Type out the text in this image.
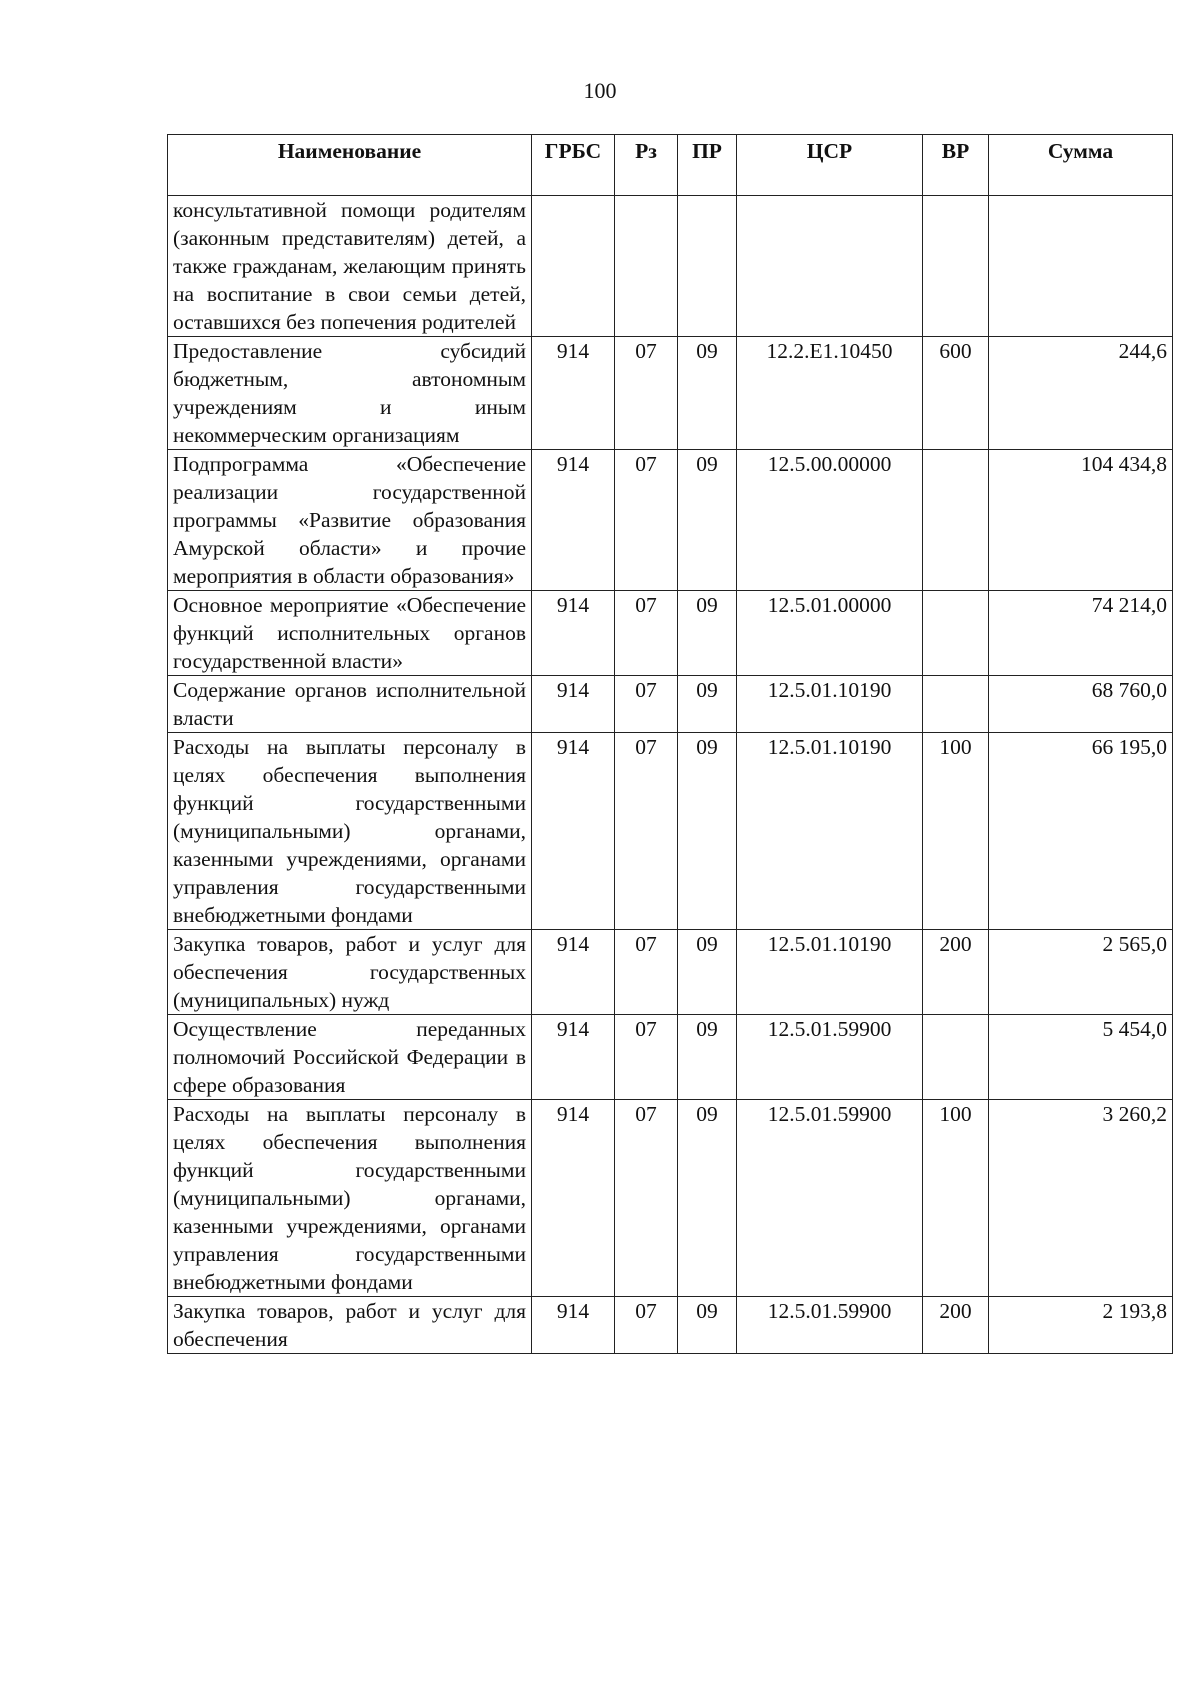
100
Наименование	ГРБС	Рз	ПР	ЦСР	ВР	Сумма
консультативной помощи родителям (законным представителям) детей, а также гражданам, желающим принять на воспитание в свои семьи детей, оставшихся без попечения родителей						
Предоставление субсидий бюджетным, автономным учреждениям и иным некоммерческим организациям	914	07	09	12.2.Е1.10450	600	244,6
Подпрограмма «Обеспечение реализации государственной программы «Развитие образования Амурской области» и прочие мероприятия в области образования»	914	07	09	12.5.00.00000		104 434,8
Основное мероприятие «Обеспечение функций исполнительных органов государственной власти»	914	07	09	12.5.01.00000		74 214,0
Содержание органов исполнительной власти	914	07	09	12.5.01.10190		68 760,0
Расходы на выплаты персоналу в целях обеспечения выполнения функций государственными (муниципальными) органами, казенными учреждениями, органами управления государственными внебюджетными фондами	914	07	09	12.5.01.10190	100	66 195,0
Закупка товаров, работ и услуг для обеспечения государственных (муниципальных) нужд	914	07	09	12.5.01.10190	200	2 565,0
Осуществление переданных полномочий Российской Федерации в сфере образования	914	07	09	12.5.01.59900		5 454,0
Расходы на выплаты персоналу в целях обеспечения выполнения функций государственными (муниципальными) органами, казенными учреждениями, органами управления государственными внебюджетными фондами	914	07	09	12.5.01.59900	100	3 260,2
Закупка товаров, работ и услуг для обеспечения	914	07	09	12.5.01.59900	200	2 193,8
